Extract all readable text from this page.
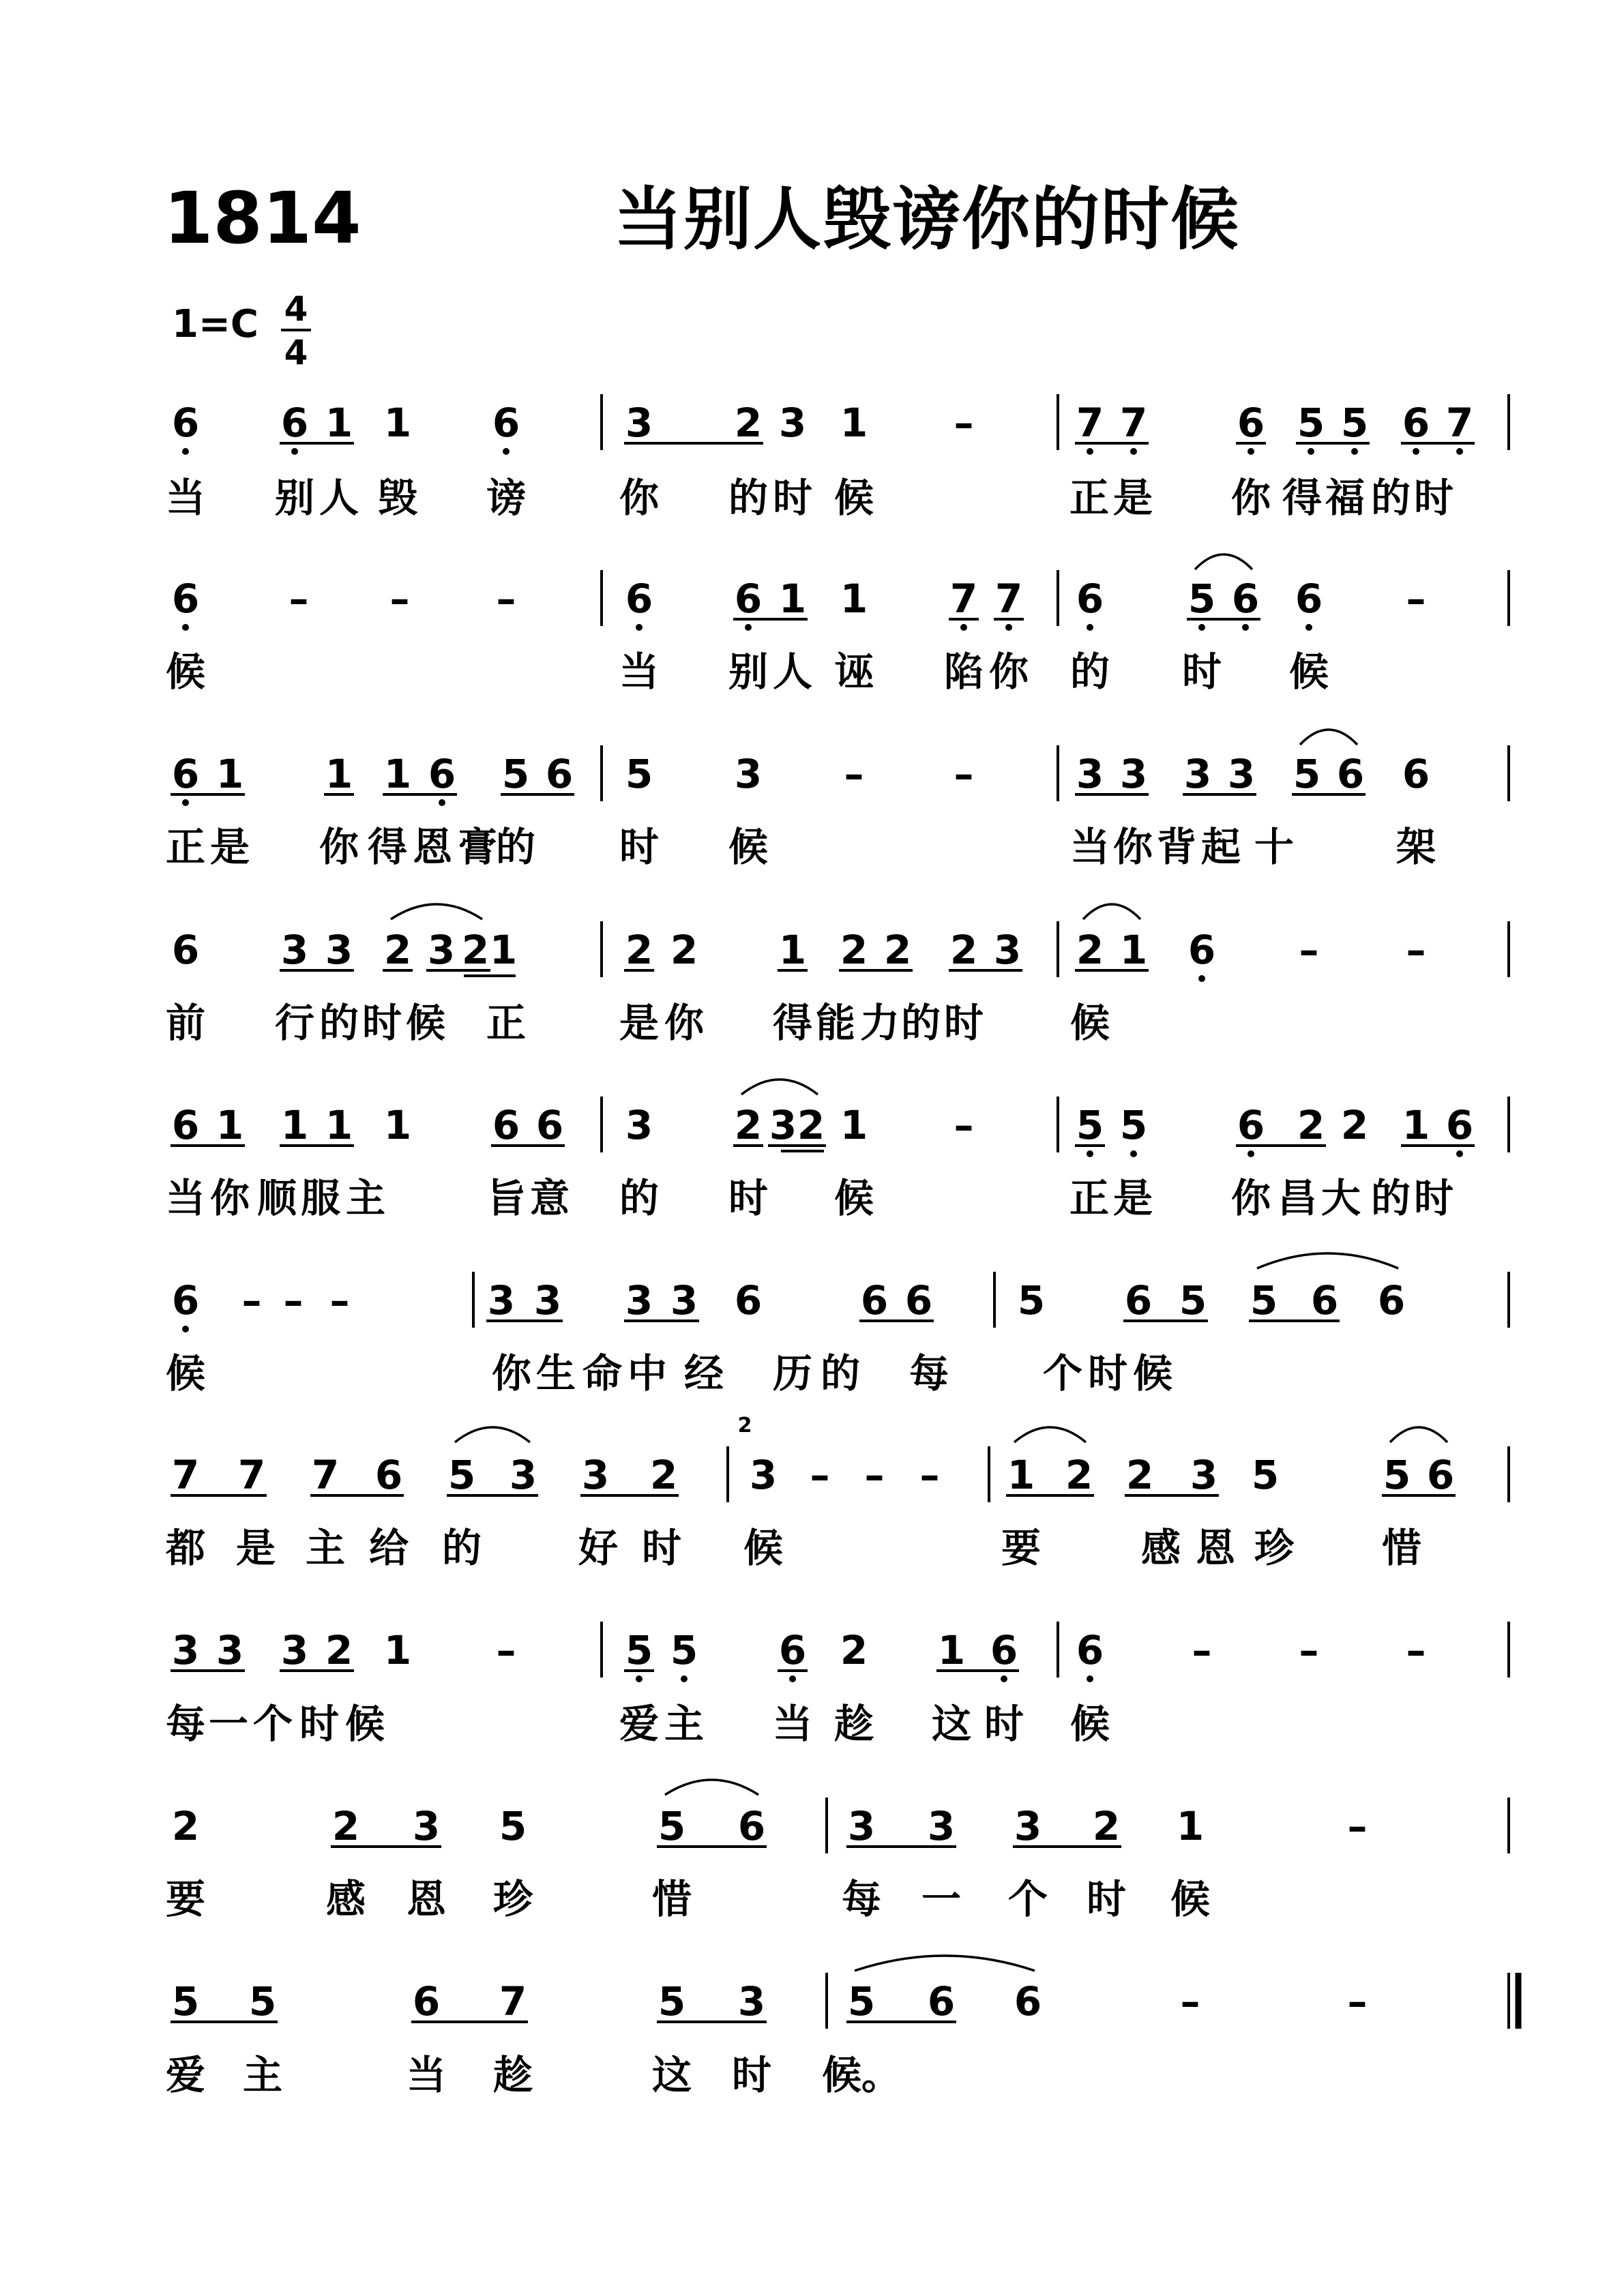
1814	当别人毁谤你的时候
$1=C \frac{4}{4}$
6 6 1 1 6	3 2 3 1 –	7 7 6 5 5 6 7
当 别 人 毁 谤 你 的 时 候	正 是 你 得 福 的 时
6 – – –	6 6 1 1 7 7 6 5 6 6 –
候	当 别 人 诬 陷 你 的 时 候
6 1 1 1 6 5 6 5 3 – –	3 3 3 3 5 6 6
正 是 你 得 恩 膏
的 时 候	当 你 背 起 十	架
6 3 3 2 3 2 1	2 2 1 2 2 2 3 2 1 6 – –
前 行 的 时 候 正 是 你 得 能 力 的 时 候
6 1 1 1 1 6 6 3 2 3 2 1 –	5 5 6 2 2 1 6
当 你 顺 服 主	旨 意 的 时 候	正 是 你 昌 大 的 时
6 – – –	3 3 3 3 6 6 6 5 6 5 5 6 6
候	你 生 命 中 经 历 的 每 个 时 候
7 7 7 6 5 3 3 2 3 – – – 1 2 2 3 5	5 6
都 是 主 给 的 好 时 候	要	感 恩 珍 惜
3 3 3 2 1 –	5 5 6 2 1 6 6 – – –
每 一 个 时 候	爱 主 当 趁 这 时 候
2	2 3 5	5 6 3 3 3 2 1	–
要	感 恩 珍	惜	每 一 个 时 候
5 5	6 7	5 3 5 6 6	–	–
爱 主	当 趁	这 时 候。
2
